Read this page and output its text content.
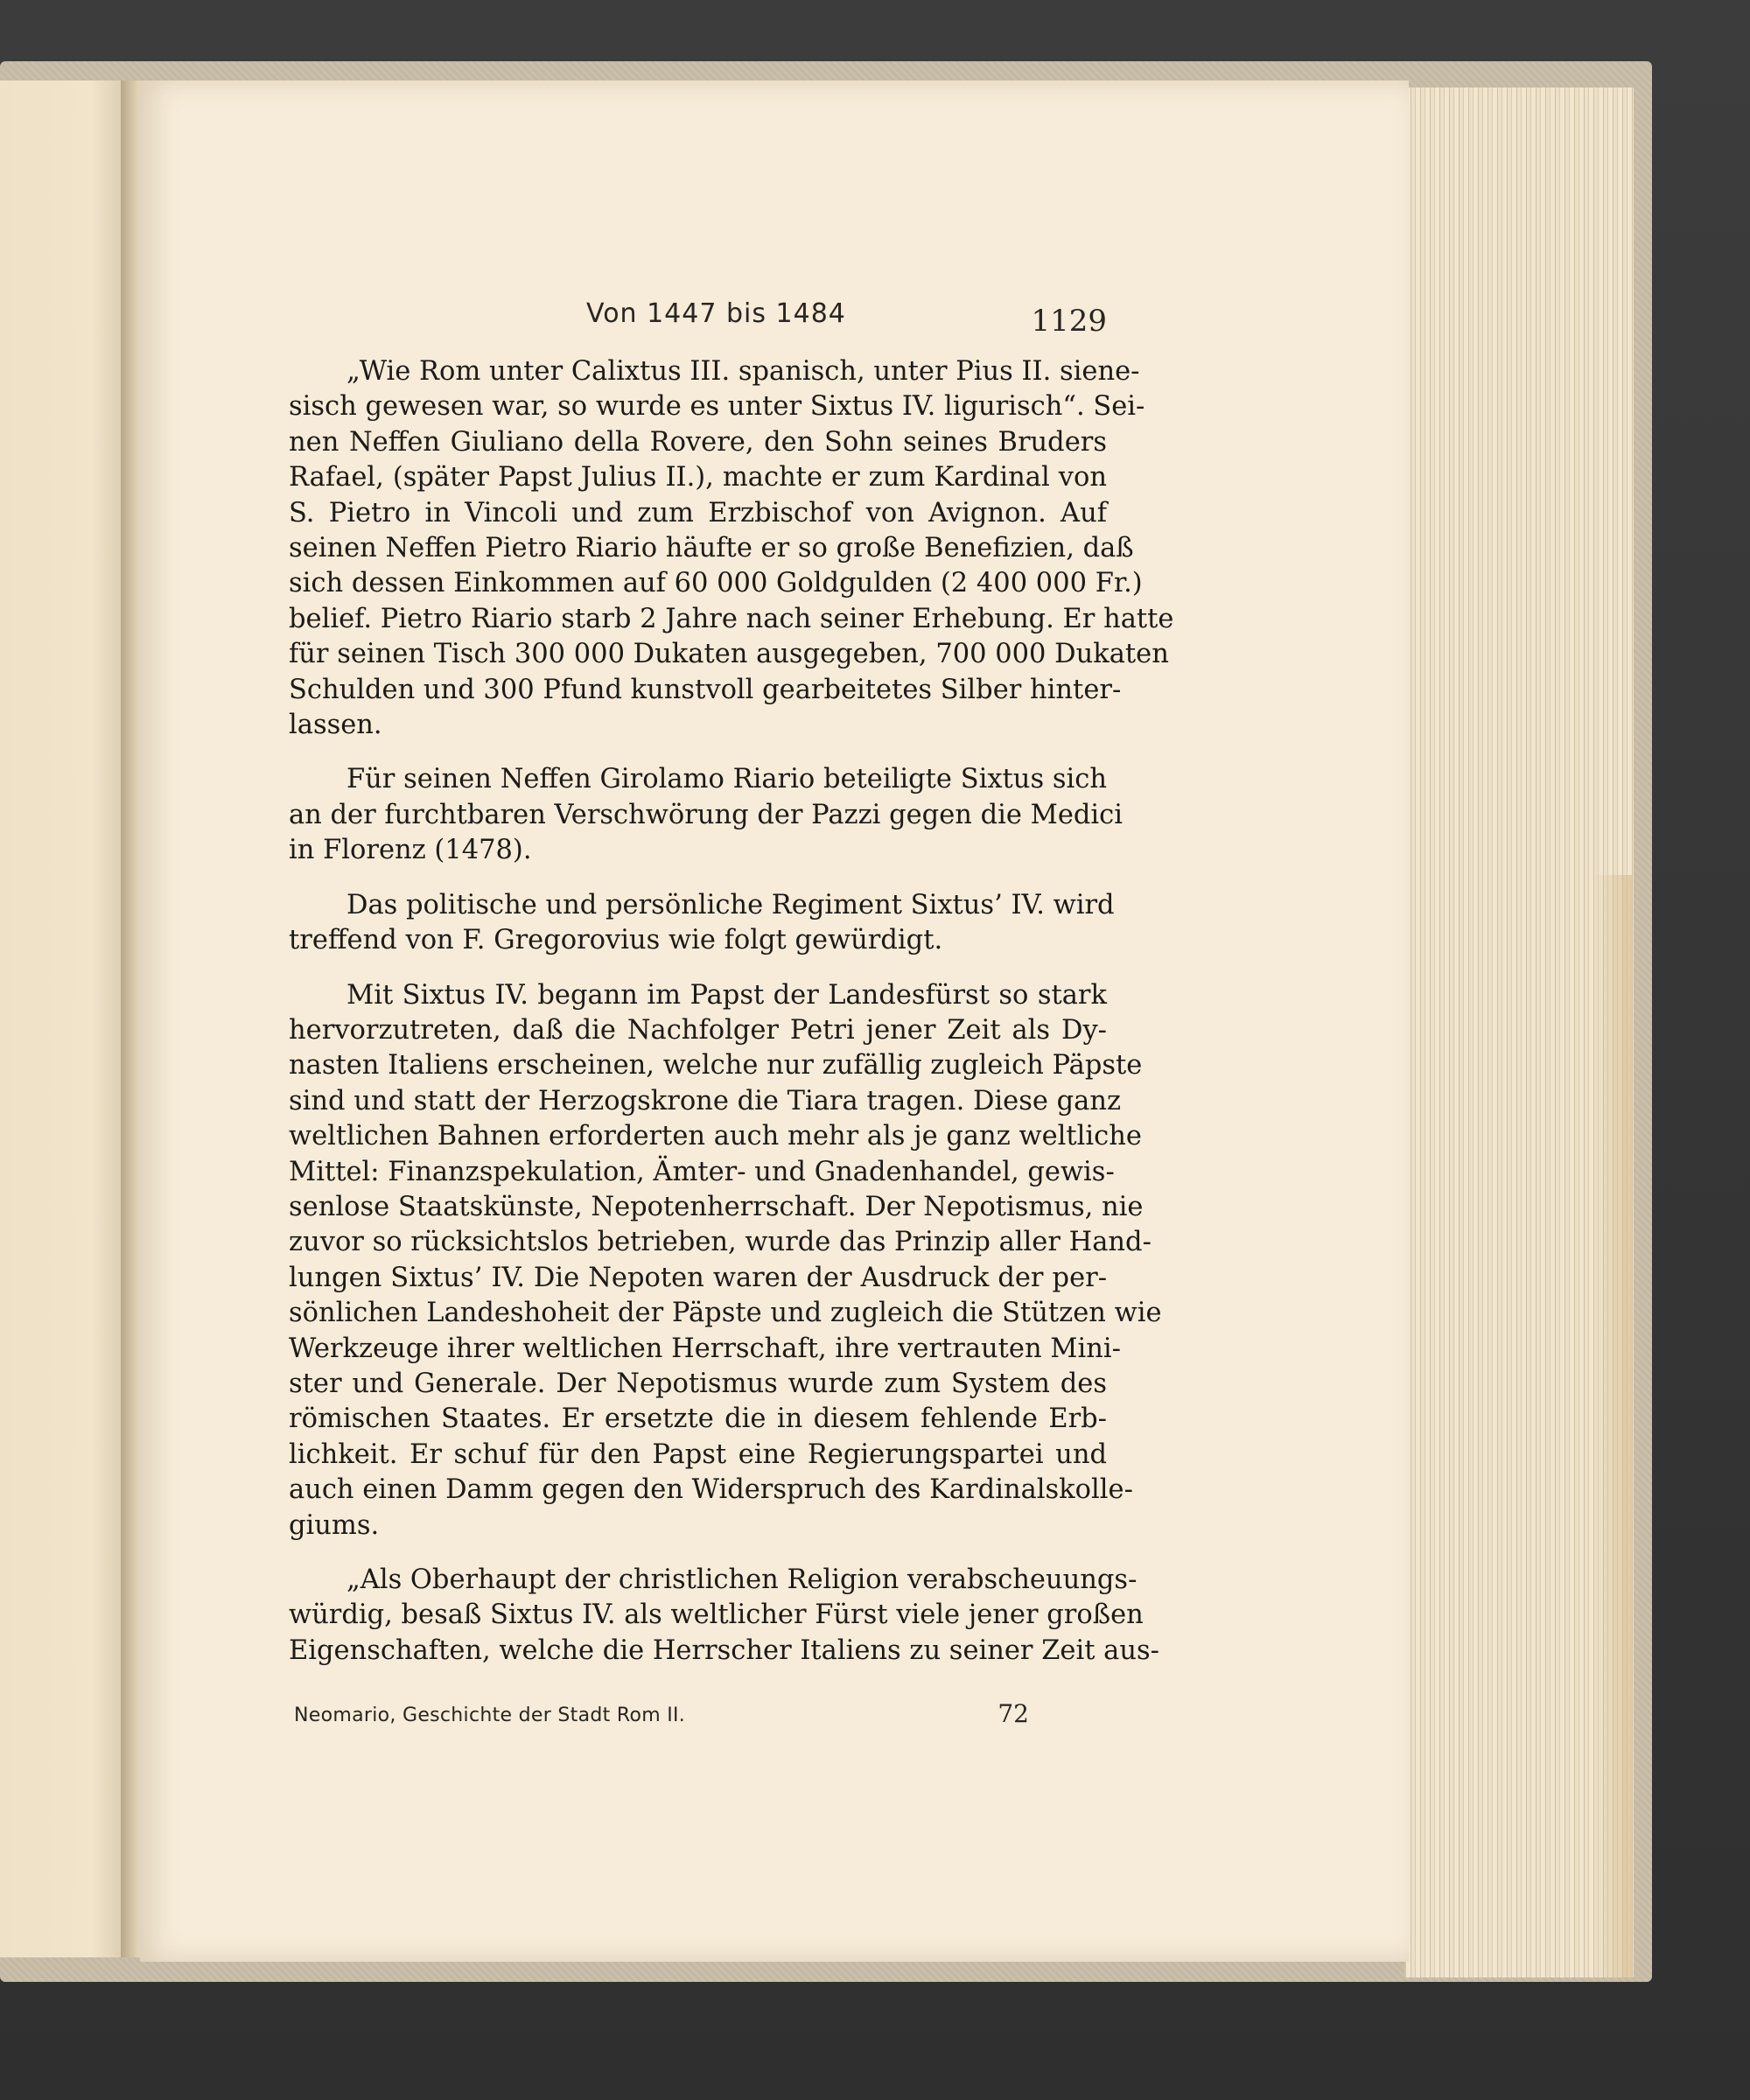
Von 1447 bis 1484	1129
„Wie Rom unter Calixtus III. spanisch, unter Pius II. siene-
sisch gewesen war, so wurde es unter Sixtus IV. ligurisch“. Sei-
nen Neffen Giuliano della Rovere, den Sohn seines Bruders
Rafael, (später Papst Julius II.), machte er zum Kardinal von
S. Pietro in Vincoli und zum Erzbischof von Avignon. Auf
seinen Neffen Pietro Riario häufte er so große Benefizien, daß
sich dessen Einkommen auf 60 000 Goldgulden (2 400 000 Fr.)
belief. Pietro Riario starb 2 Jahre nach seiner Erhebung. Er hatte
für seinen Tisch 300 000 Dukaten ausgegeben, 700 000 Dukaten
Schulden und 300 Pfund kunstvoll gearbeitetes Silber hinter-
lassen.
Für seinen Neffen Girolamo Riario beteiligte Sixtus sich
an der furchtbaren Verschwörung der Pazzi gegen die Medici
in Florenz (1478).
Das politische und persönliche Regiment Sixtus’ IV. wird
treffend von F. Gregorovius wie folgt gewürdigt.
Mit Sixtus IV. begann im Papst der Landesfürst so stark
hervorzutreten, daß die Nachfolger Petri jener Zeit als Dy-
nasten Italiens erscheinen, welche nur zufällig zugleich Päpste
sind und statt der Herzogskrone die Tiara tragen. Diese ganz
weltlichen Bahnen erforderten auch mehr als je ganz weltliche
Mittel: Finanzspekulation, Ämter- und Gnadenhandel, gewis-
senlose Staatskünste, Nepotenherrschaft. Der Nepotismus, nie
zuvor so rücksichtslos betrieben, wurde das Prinzip aller Hand-
lungen Sixtus’ IV. Die Nepoten waren der Ausdruck der per-
sönlichen Landeshoheit der Päpste und zugleich die Stützen wie
Werkzeuge ihrer weltlichen Herrschaft, ihre vertrauten Mini-
ster und Generale. Der Nepotismus wurde zum System des
römischen Staates. Er ersetzte die in diesem fehlende Erb-
lichkeit. Er schuf für den Papst eine Regierungspartei und
auch einen Damm gegen den Widerspruch des Kardinalskolle-
giums.
„Als Oberhaupt der christlichen Religion verabscheuungs-
würdig, besaß Sixtus IV. als weltlicher Fürst viele jener großen
Eigenschaften, welche die Herrscher Italiens zu seiner Zeit aus-
Neomario, Geschichte der Stadt Rom II.	72
